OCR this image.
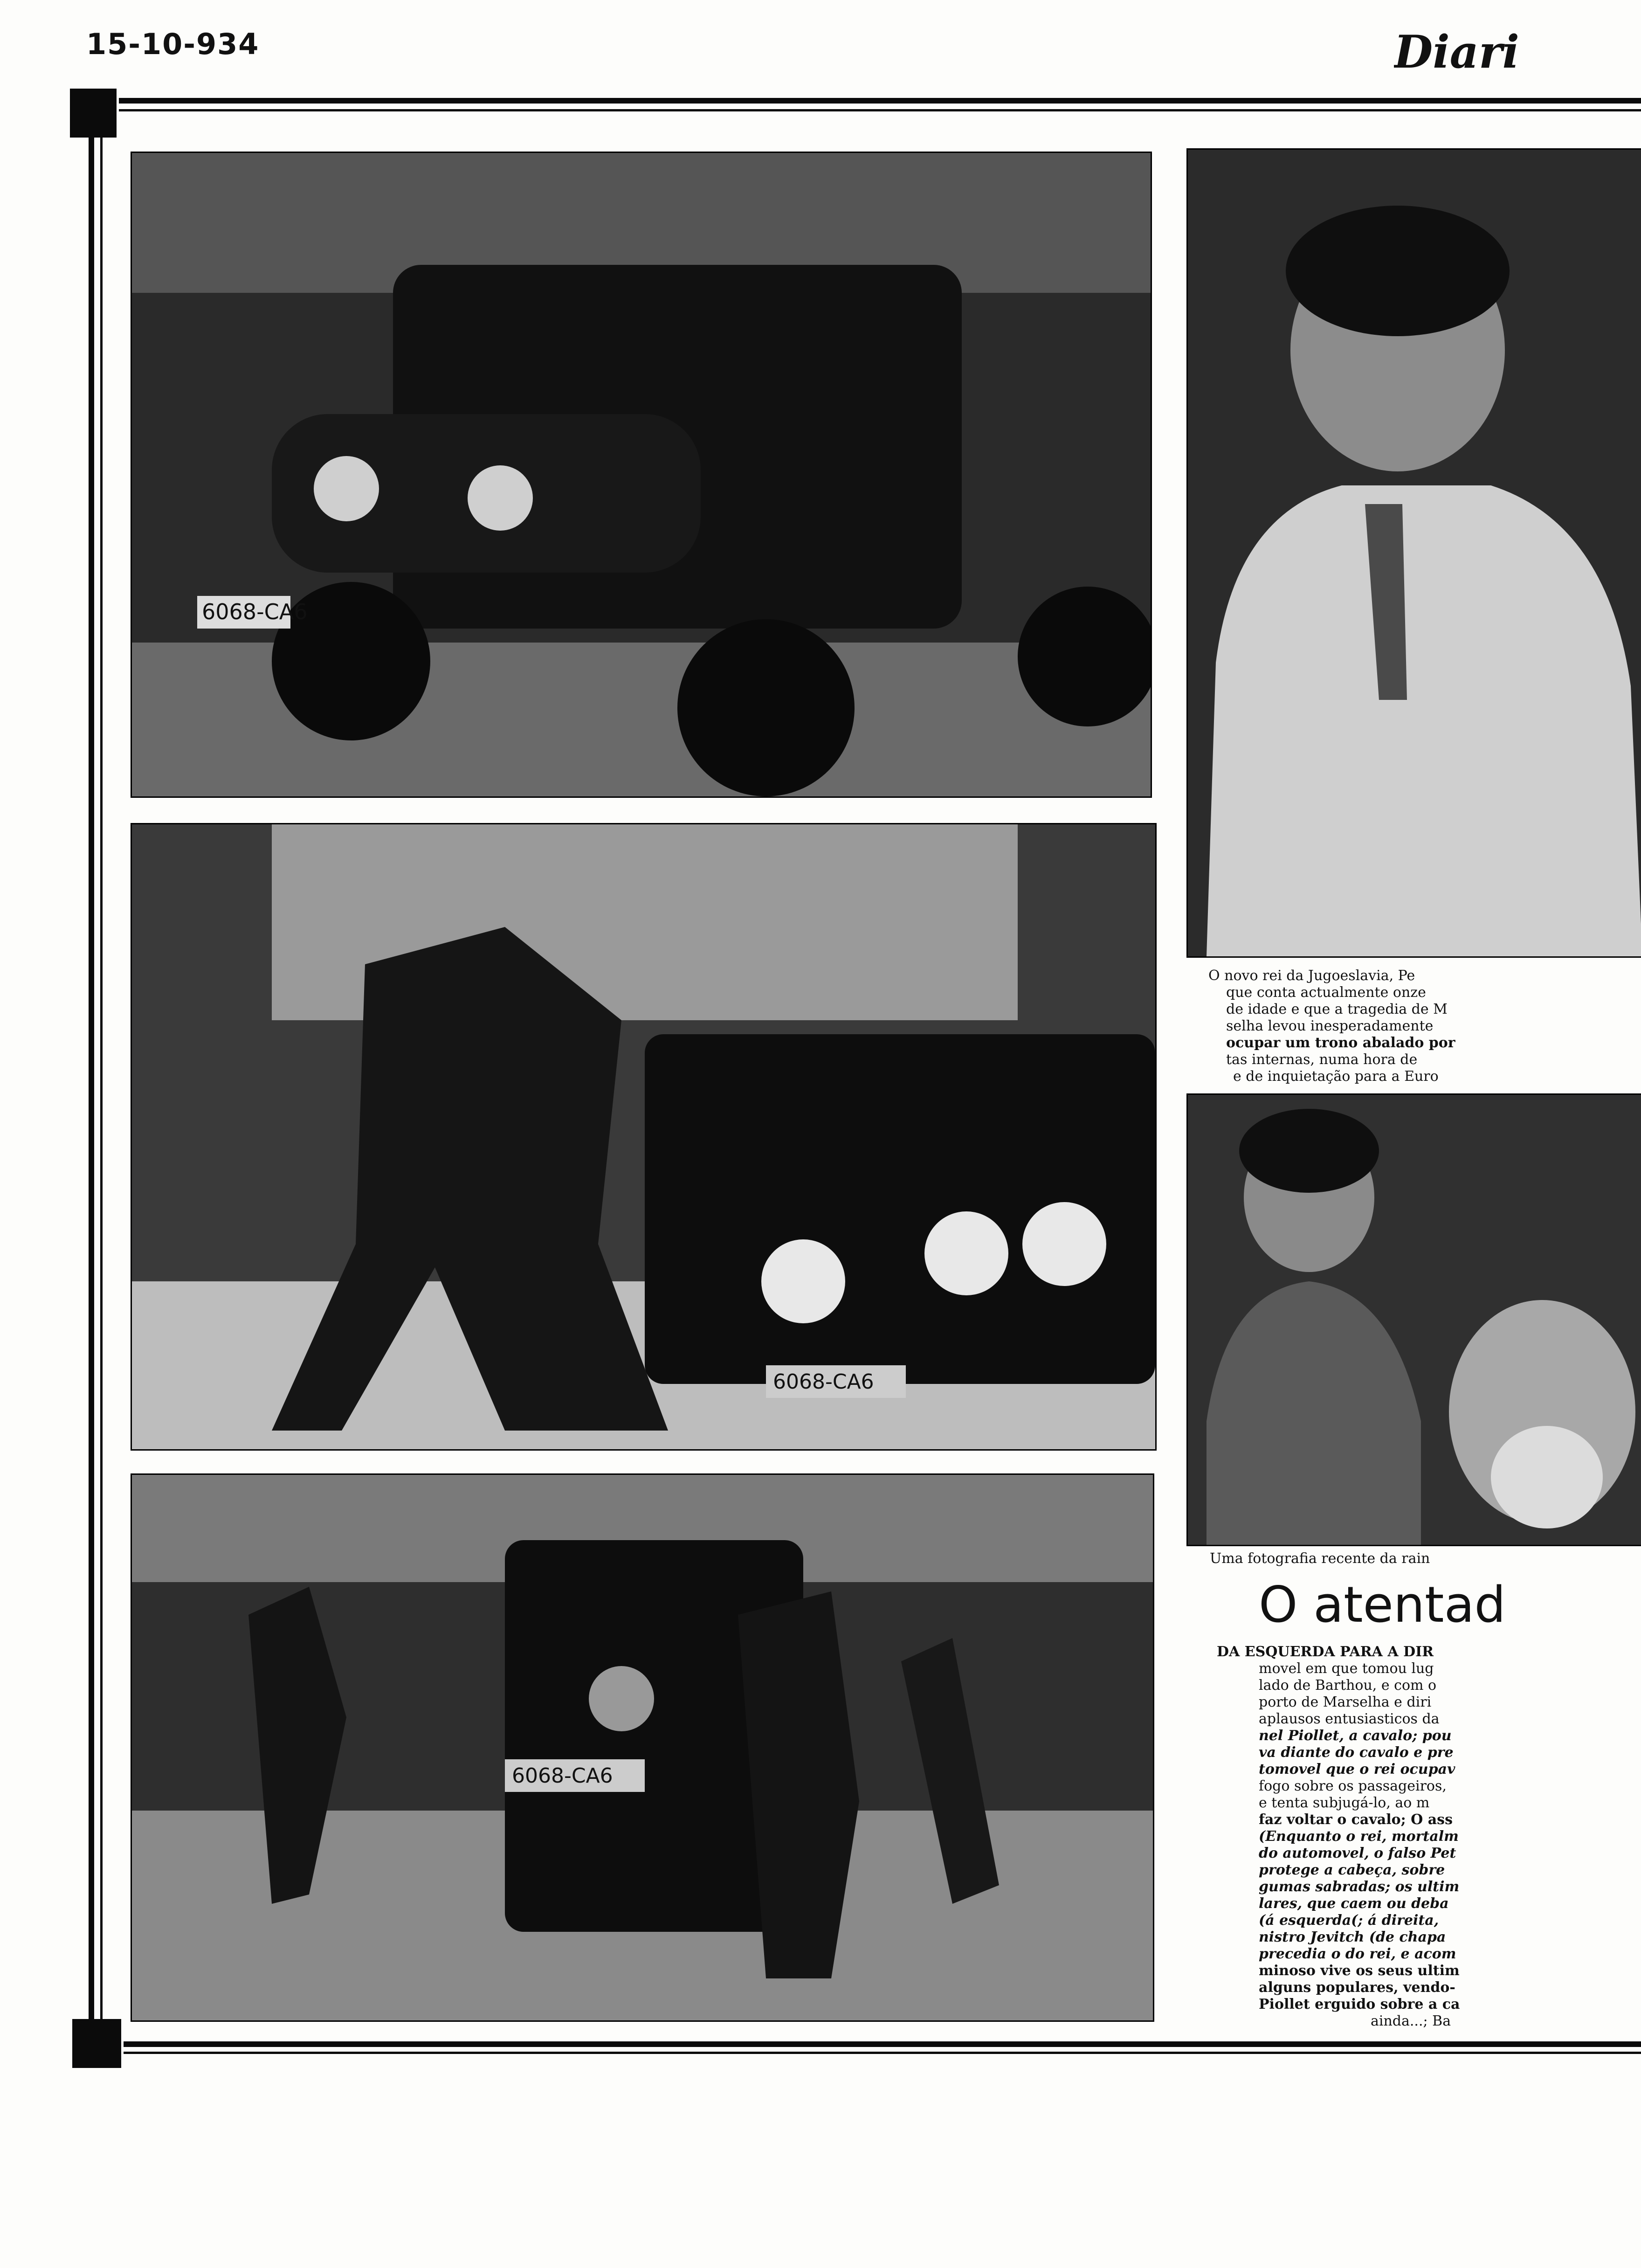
15-10-934	Diari
6068-CA6
6068-CA6
6068-CA6
O novo rei da Jugoeslavia, Pe
que conta actualmente onze
de idade e que a tragedia de M
selha levou inesperadamente
ocupar um trono abalado por
tas internas, numa hora de
e de inquietação para a Euro
Uma fotografia recente da rain
O atentad
DA ESQUERDA PARA A DIR
movel em que tomou lug
lado de Barthou, e com o
porto de Marselha e diri
aplausos entusiasticos da
nel Piollet, a cavalo; pou
va diante do cavalo e pre
tomovel que o rei ocupav
fogo sobre os passageiros,
e tenta subjugá-lo, ao m
faz voltar o cavalo; O ass
(Enquanto o rei, mortalm
do automovel, o falso Pet
protege a cabeça, sobre
gumas sabradas; os ultim
lares, que caem ou deba
(á esquerda(; á direita,
nistro Jevitch (de chapa
precedia o do rei, e acom
minoso vive os seus ultim
alguns populares, vendo-
Piollet erguido sobre a ca
ainda...; Ba
